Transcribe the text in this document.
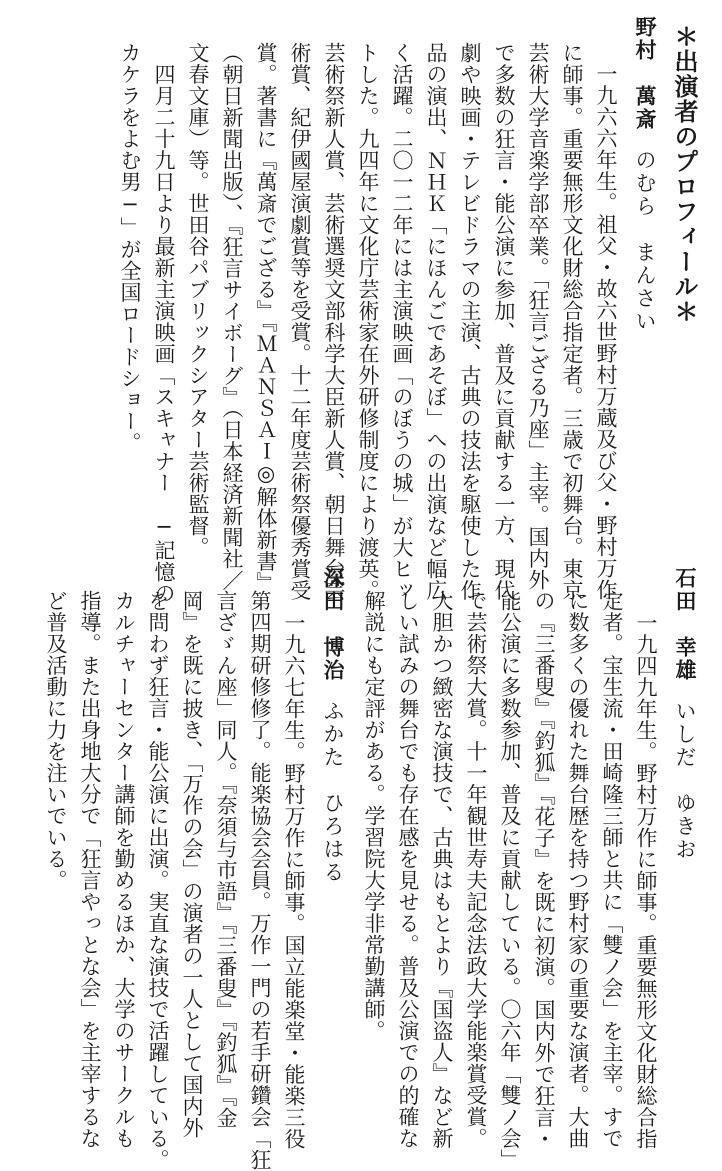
＊出演者のプロフィール＊
野村　萬斎のむら　まんさい
一九六六年生。祖父・故六世野村万蔵及び父・野村万作
に師事。重要無形文化財総合指定者。三歳で初舞台。東京
芸術大学音楽学部卒業。「狂言ござる乃座」主宰。国内外
で多数の狂言・能公演に参加、普及に貢献する一方、現代
劇や映画・テレビドラマの主演、古典の技法を駆使した作
品の演出、ＮＨＫ「にほんごであそぼ」への出演など幅広
く活躍。二〇一二年には主演映画「のぼうの城」が大ヒッ
トした。九四年に文化庁芸術家在外研修制度により渡英。
芸術祭新人賞、芸術選奨文部科学大臣新人賞、朝日舞台芸
術賞、紀伊國屋演劇賞等を受賞。十二年度芸術祭優秀賞受
賞。著書に『萬斎でござる』『ＭＡＮＳＡＩ◎解体新書』
（朝日新聞出版）、『狂言サイボーグ』（日本経済新聞社／
文春文庫）等。世田谷パブリックシアター芸術監督。
　四月二十九日より最新主演映画「スキャナー　─記憶の
カケラをよむ男─」が全国ロードショー。
石田　幸雄いしだ　ゆきお
一九四九年生。野村万作に師事。重要無形文化財総合指
定者。宝生流・田崎隆三師と共に「雙ノ会」を主宰。すで
に数多くの優れた舞台歴を持つ野村家の重要な演者。大曲
の『三番叟』『釣狐』『花子』を既に初演。国内外で狂言・
能公演に多数参加、普及に貢献している。〇六年「雙ノ会」
で芸術祭大賞。十一年観世寿夫記念法政大学能楽賞受賞。
大胆かつ緻密な演技で、古典はもとより『国盗人』など新
しい試みの舞台でも存在感を見せる。普及公演での的確な
解説にも定評がある。学習院大学非常勤講師。
深田　博治ふかた　ひろはる
一九六七年生。野村万作に師事。国立能楽堂・能楽三役
第四期研修修了。能楽協会会員。万作一門の若手研鑽会「狂
言ざゞん座」同人。『奈須与市語』『三番叟』『釣狐』『金
岡』を既に披き、「万作の会」の演者の一人として国内外
を問わず狂言・能公演に出演。実直な演技で活躍している。
カルチャーセンター講師を勤めるほか、大学のサークルも
指導。また出身地大分で「狂言やっとな会」を主宰するな
ど普及活動に力を注いでいる。
